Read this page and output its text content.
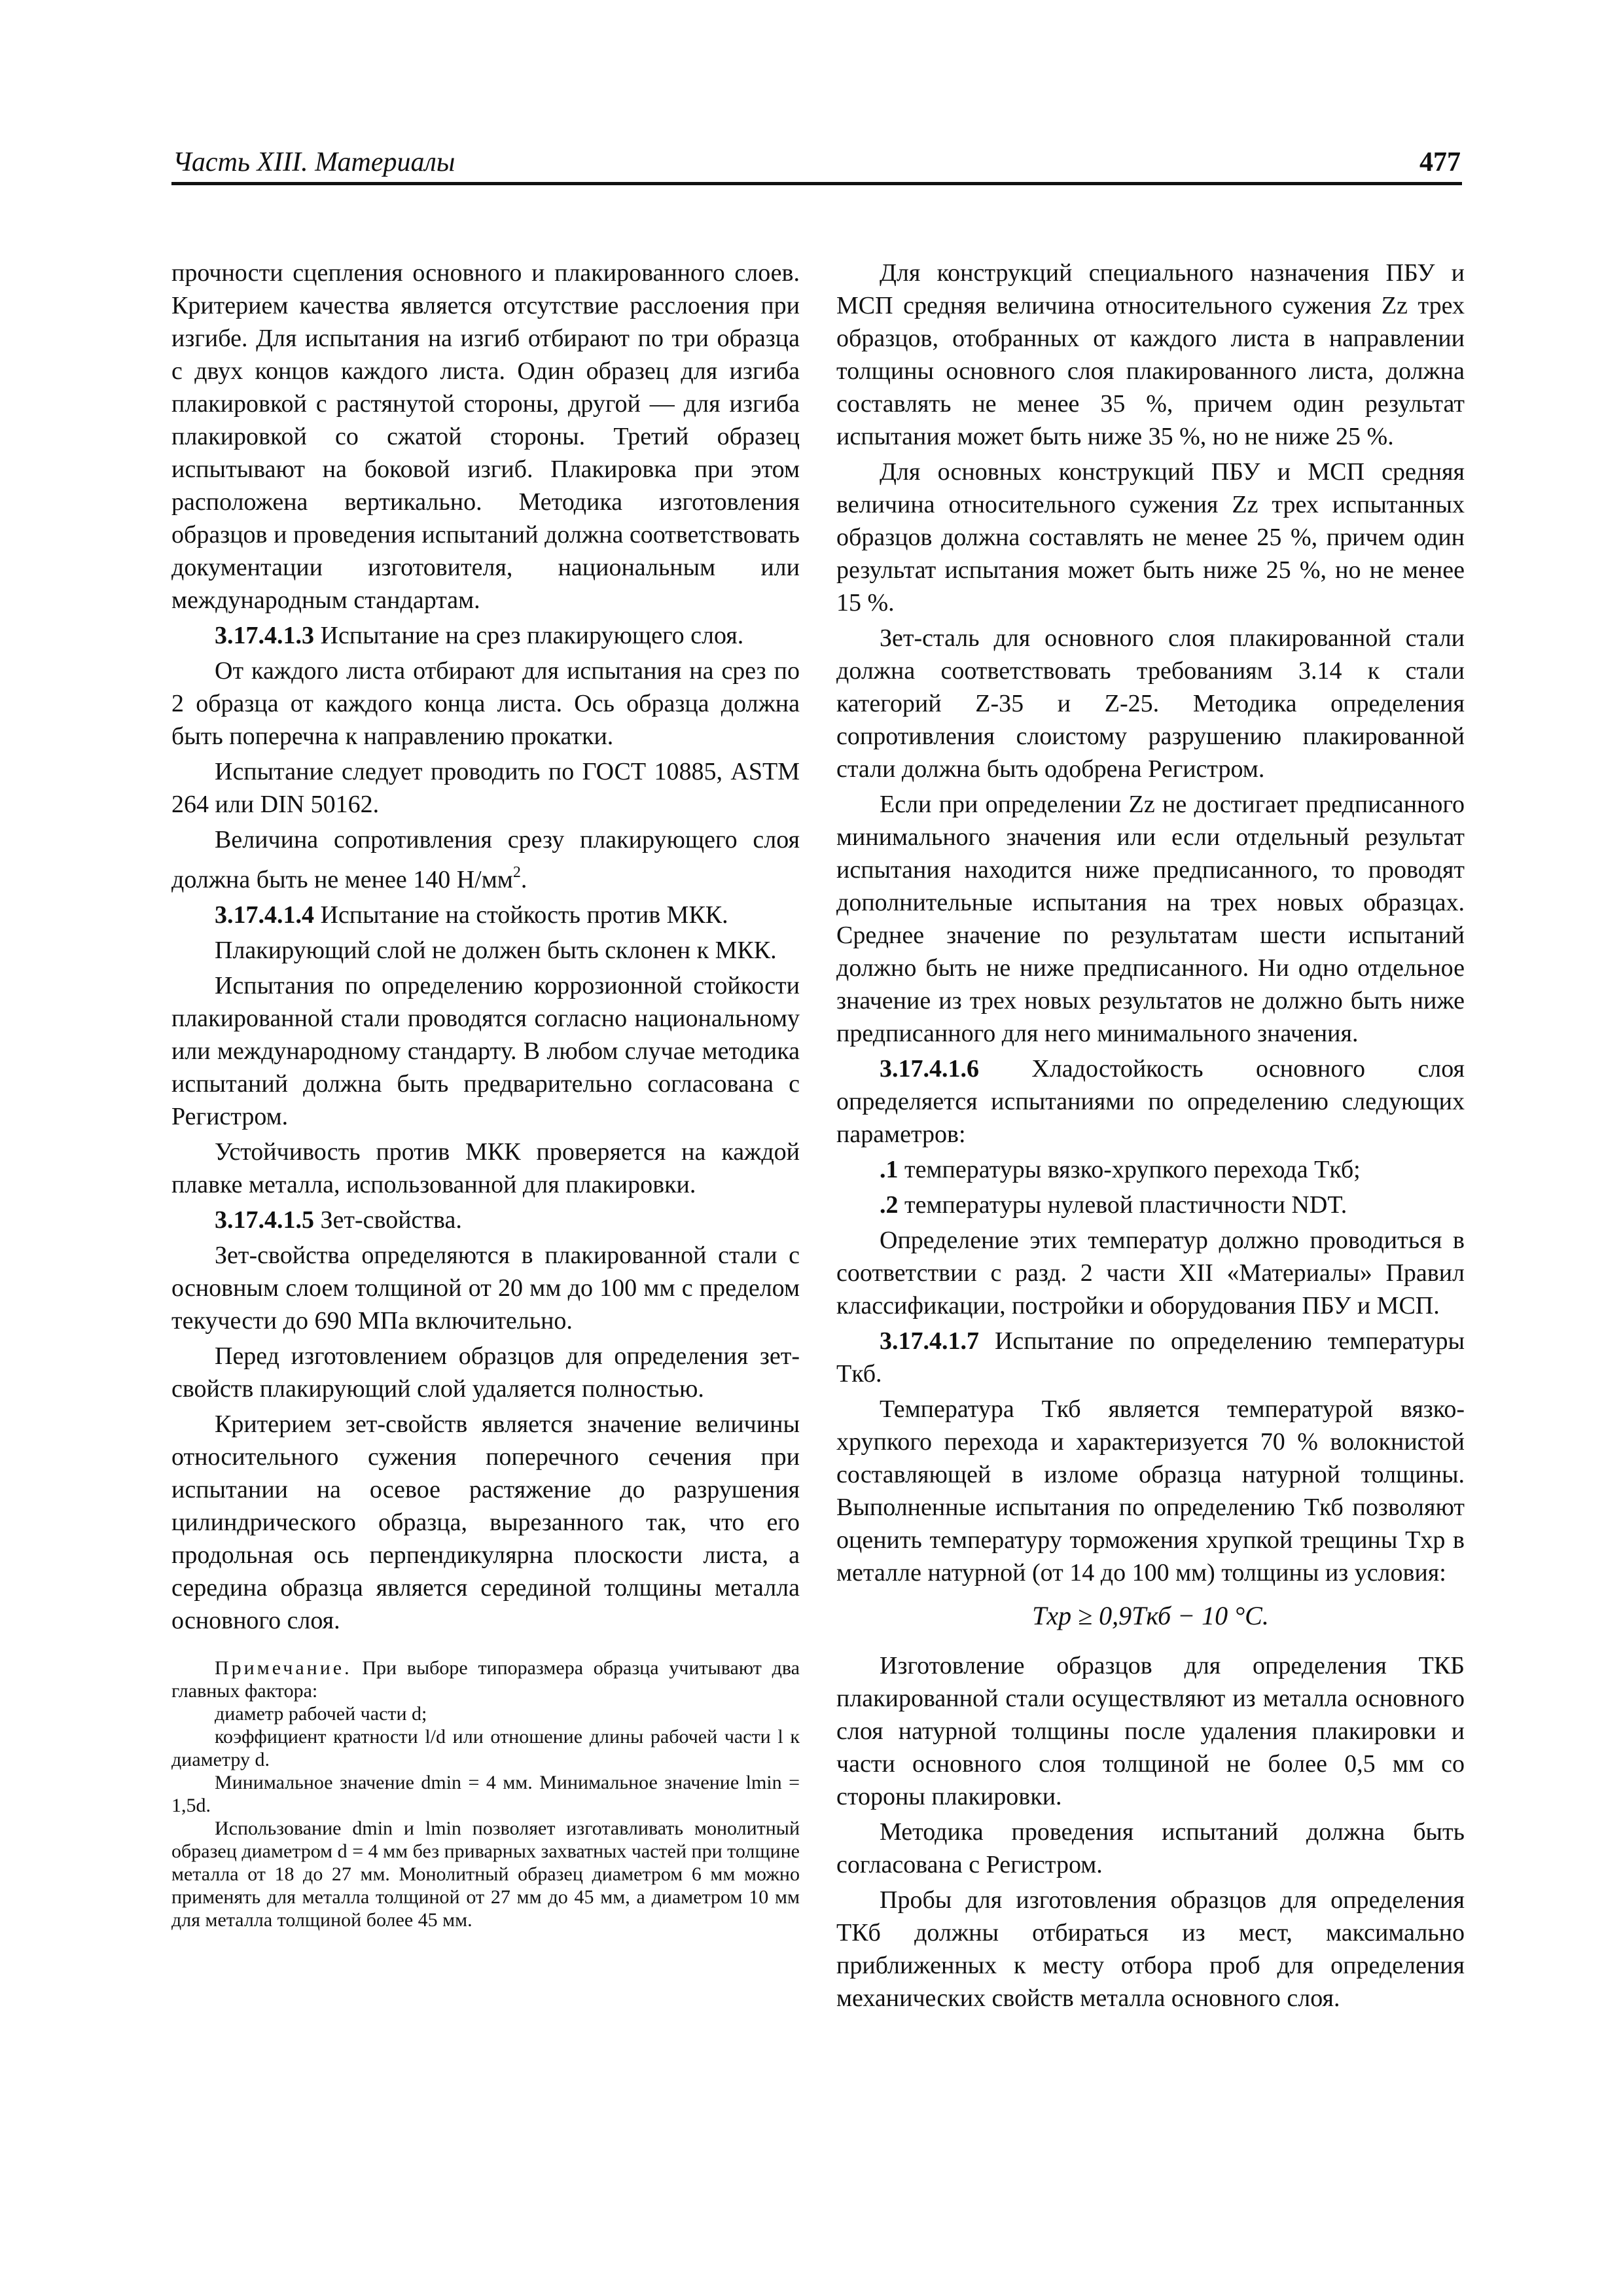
Часть XIII. Материалы	477

прочности сцепления основного и плакированного слоев. Критерием качества является отсутствие расслоения при изгибе. Для испытания на изгиб отбирают по три образца с двух концов каждого листа. Один образец для изгиба плакировкой с растянутой стороны, другой — для изгиба плакировкой со сжатой стороны. Третий образец испытывают на боковой изгиб. Плакировка при этом расположена вертикально. Методика изготовления образцов и проведения испытаний должна соответствовать документации изготовителя, национальным или международным стандартам.

3.17.4.1.3 Испытание на срез плакирующего слоя.

От каждого листа отбирают для испытания на срез по 2 образца от каждого конца листа. Ось образца должна быть поперечна к направлению прокатки.

Испытание следует проводить по ГОСТ 10885, ASTM 264 или DIN 50162.

Величина сопротивления срезу плакирующего слоя должна быть не менее 140 $Н/мм^2$.

3.17.4.1.4 Испытание на стойкость против МКК.

Плакирующий слой не должен быть склонен к МКК.

Испытания по определению коррозионной стойкости плакированной стали проводятся согласно национальному или международному стандарту. В любом случае методика испытаний должна быть предварительно согласована с Регистром.

Устойчивость против МКК проверяется на каждой плавке металла, использованной для плакировки.

3.17.4.1.5 Зет-свойства.

Зет-свойства определяются в плакированной стали с основным слоем толщиной от 20 мм до 100 мм с пределом текучести до 690 МПа включительно.

Перед изготовлением образцов для определения зет-свойств плакирующий слой удаляется полностью.

Критерием зет-свойств является значение величины относительного сужения поперечного сечения при испытании на осевое растяжение до разрушения цилиндрического образца, вырезанного так, что его продольная ось перпендикулярна плоскости листа, а середина образца является серединой толщины металла основного слоя.

Примечание. При выборе типоразмера образца учитывают два главных фактора:

диаметр рабочей части d;

коэффициент кратности l/d или отношение длины рабочей части l к диаметру d.

Минимальное значение dmin = 4 мм. Минимальное значение lmin = 1,5d.

Использование dmin и lmin позволяет изготавливать монолитный образец диаметром d = 4 мм без приварных захватных частей при толщине металла от 18 до 27 мм. Монолитный образец диаметром 6 мм можно применять для металла толщиной от 27 мм до 45 мм, а диаметром 10 мм для металла толщиной более 45 мм.

Для конструкций специального назначения ПБУ и МСП средняя величина относительного сужения Zz трех образцов, отобранных от каждого листа в направлении толщины основного слоя плакированного листа, должна составлять не менее 35 %, причем один результат испытания может быть ниже 35 %, но не ниже 25 %.

Для основных конструкций ПБУ и МСП средняя величина относительного сужения Zz трех испытанных образцов должна составлять не менее 25 %, причем один результат испытания может быть ниже 25 %, но не менее 15 %.

Зет-сталь для основного слоя плакированной стали должна соответствовать требованиям 3.14 к стали категорий Z-35 и Z-25. Методика определения сопротивления слоистому разрушению плакированной стали должна быть одобрена Регистром.

Если при определении Zz не достигает предписанного минимального значения или если отдельный результат испытания находится ниже предписанного, то проводят дополнительные испытания на трех новых образцах. Среднее значение по результатам шести испытаний должно быть не ниже предписанного. Ни одно отдельное значение из трех новых результатов не должно быть ниже предписанного для него минимального значения.

3.17.4.1.6 Хладостойкость основного слоя определяется испытаниями по определению следующих параметров:

.1 температуры вязко-хрупкого перехода Tкб;

.2 температуры нулевой пластичности NDT.

Определение этих температур должно проводиться в соответствии с разд. 2 части XII «Материалы» Правил классификации, постройки и оборудования ПБУ и МСП.

3.17.4.1.7 Испытание по определению температуры Tкб.

Температура Tкб является температурой вязко-хрупкого перехода и характеризуется 70 % волокнистой составляющей в изломе образца натурной толщины. Выполненные испытания по определению Tкб позволяют оценить температуру торможения хрупкой трещины Tхр в металле натурной (от 14 до 100 мм) толщины из условия:

Tхр ≥ 0,9Tкб − 10 °C.

Изготовление образцов для определения TКБ плакированной стали осуществляют из металла основного слоя натурной толщины после удаления плакировки и части основного слоя толщиной не более 0,5 мм со стороны плакировки.

Методика проведения испытаний должна быть согласована с Регистром.

Пробы для изготовления образцов для определения TКб должны отбираться из мест, максимально приближенных к месту отбора проб для определения механических свойств металла основного слоя.
